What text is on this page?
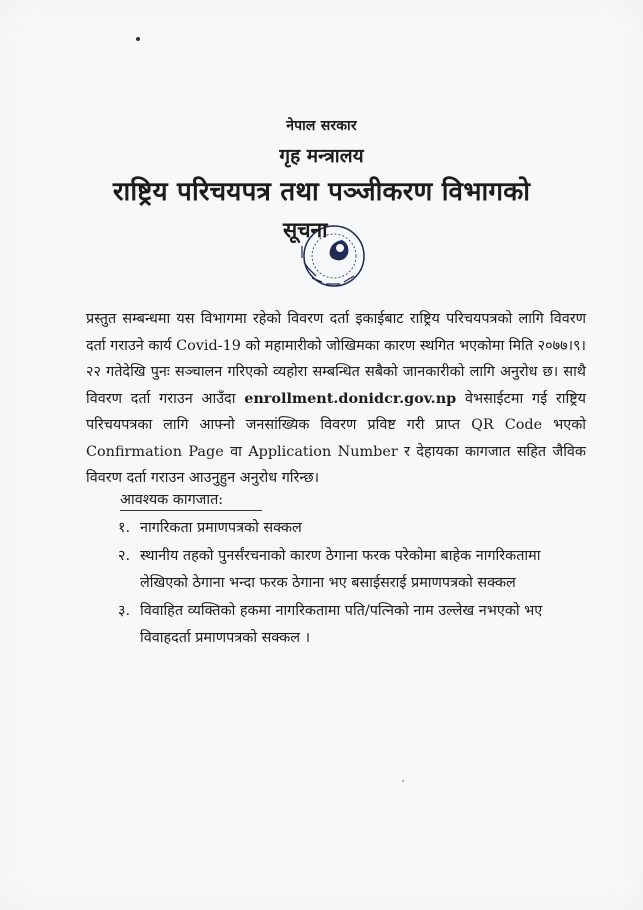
नेपाल सरकार
गृह मन्त्रालय
राष्ट्रिय परिचयपत्र तथा पञ्जीकरण विभागको
सूचना
प्रस्तुत सम्बन्धमा यस विभागमा रहेको विवरण दर्ता इकाईबाट राष्ट्रिय परिचयपत्रको लागि विवरण दर्ता गराउने कार्य Covid-19 को महामारीको जोखिमका कारण स्थगित भएकोमा मिति २०७७।९।२२ गतेदेखि पुनः सञ्चालन गरिएको व्यहोरा सम्बन्धित सबैको जानकारीको लागि अनुरोध छ। साथै विवरण दर्ता गराउन आउँदा enrollment.donidcr.gov.np वेभसाईटमा गई राष्ट्रिय परिचयपत्रका लागि आफ्नो जनसांख्यिक विवरण प्रविष्ट गरी प्राप्त QR Code भएको Confirmation Page वा Application Number र देहायका कागजात सहित जैविक विवरण दर्ता गराउन आउनुहुन अनुरोध गरिन्छ।
आवश्यक कागजात:
१. नागरिकता प्रमाणपत्रको सक्कल
२. स्थानीय तहको पुनर्संरचनाको कारण ठेगाना फरक परेकोमा बाहेक नागरिकतामा लेखिएको ठेगाना भन्दा फरक ठेगाना भए बसाईसराई प्रमाणपत्रको सक्कल
३. विवाहित व्यक्तिको हकमा नागरिकतामा पति/पत्निको नाम उल्लेख नभएको भए विवाहदर्ता प्रमाणपत्रको सक्कल ।
